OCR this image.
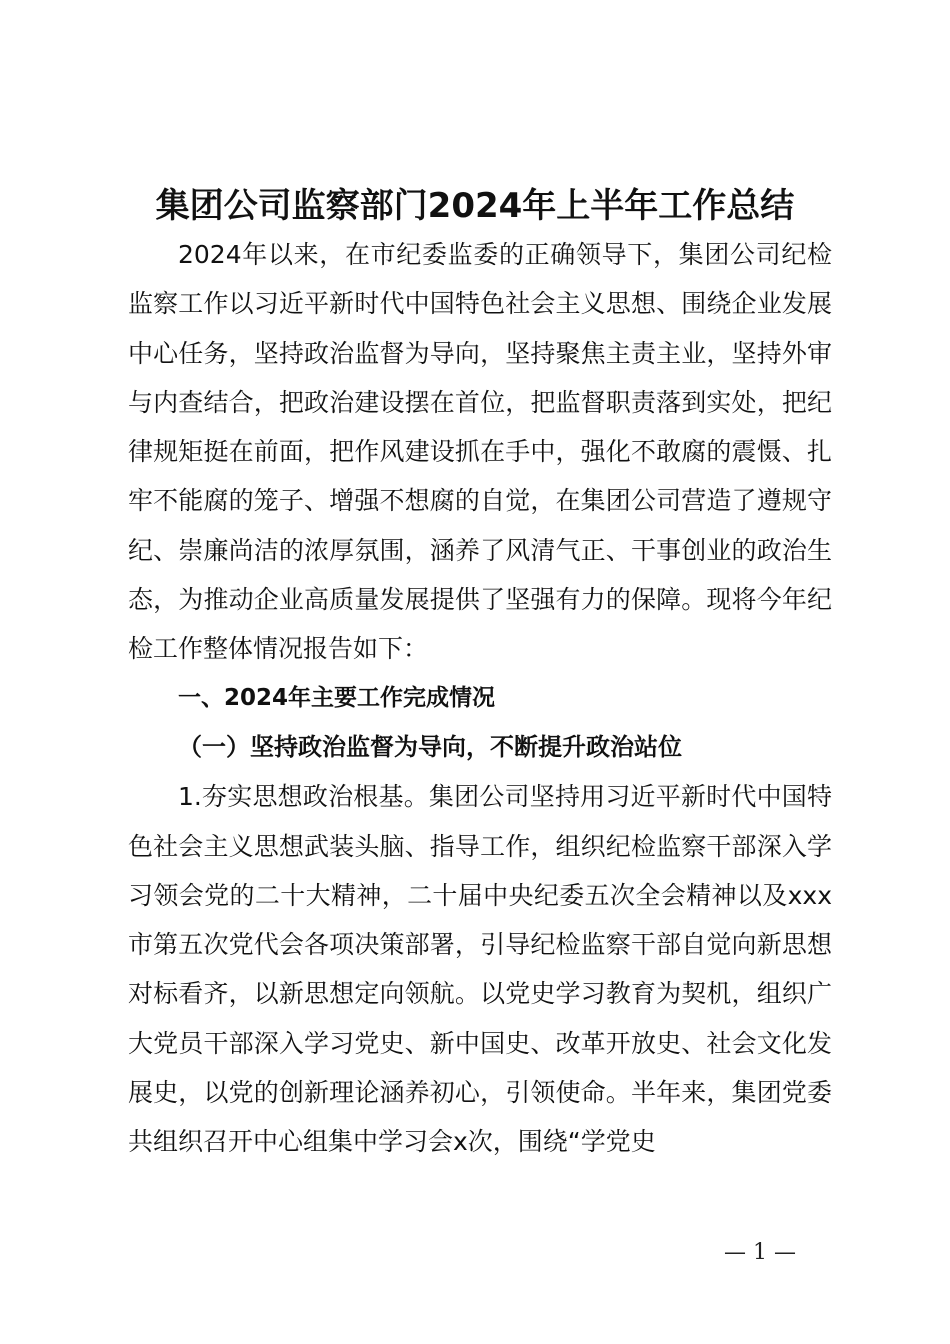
集团公司监察部门2024年上半年工作总结

2024年以来，在市纪委监委的正确领导下，集团公司纪检监察工作以习近平新时代中国特色社会主义思想、围绕企业发展中心任务，坚持政治监督为导向，坚持聚焦主责主业，坚持外审与内查结合，把政治建设摆在首位，把监督职责落到实处，把纪律规矩挺在前面，把作风建设抓在手中，强化不敢腐的震慑、扎牢不能腐的笼子、增强不想腐的自觉，在集团公司营造了遵规守纪、崇廉尚洁的浓厚氛围，涵养了风清气正、干事创业的政治生态，为推动企业高质量发展提供了坚强有力的保障。现将今年纪检工作整体情况报告如下：

一、2024年主要工作完成情况

（一）坚持政治监督为导向，不断提升政治站位

1.夯实思想政治根基。集团公司坚持用习近平新时代中国特色社会主义思想武装头脑、指导工作，组织纪检监察干部深入学习领会党的二十大精神，二十届中央纪委五次全会精神以及xxx市第五次党代会各项决策部署，引导纪检监察干部自觉向新思想对标看齐，以新思想定向领航。以党史学习教育为契机，组织广大党员干部深入学习党史、新中国史、改革开放史、社会文化发展史，以党的创新理论涵养初心，引领使命。半年来，集团党委共组织召开中心组集中学习会x次，围绕“学党史

— 1 —
